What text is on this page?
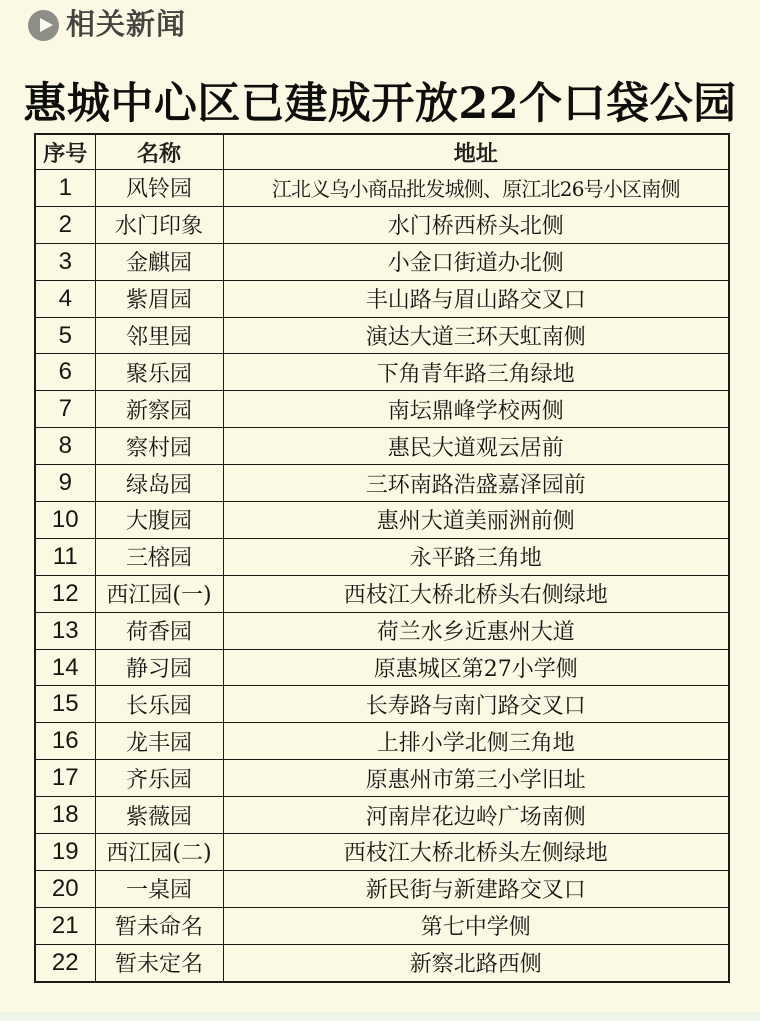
相关新闻
惠城中心区已建成开放22个口袋公园
序号	名称	地址
1	风铃园	江北义乌小商品批发城侧、原江北26号小区南侧
2	水门印象	水门桥西桥头北侧
3	金麒园	小金口街道办北侧
4	紫眉园	丰山路与眉山路交叉口
5	邻里园	演达大道三环天虹南侧
6	聚乐园	下角青年路三角绿地
7	新察园	南坛鼎峰学校两侧
8	察村园	惠民大道观云居前
9	绿岛园	三环南路浩盛嘉泽园前
10	大腹园	惠州大道美丽洲前侧
11	三榕园	永平路三角地
12	西江园(一)	西枝江大桥北桥头右侧绿地
13	荷香园	荷兰水乡近惠州大道
14	静习园	原惠城区第27小学侧
15	长乐园	长寿路与南门路交叉口
16	龙丰园	上排小学北侧三角地
17	齐乐园	原惠州市第三小学旧址
18	紫薇园	河南岸花边岭广场南侧
19	西江园(二)	西枝江大桥北桥头左侧绿地
20	一桌园	新民街与新建路交叉口
21	暂未命名	第七中学侧
22	暂未定名	新察北路西侧
